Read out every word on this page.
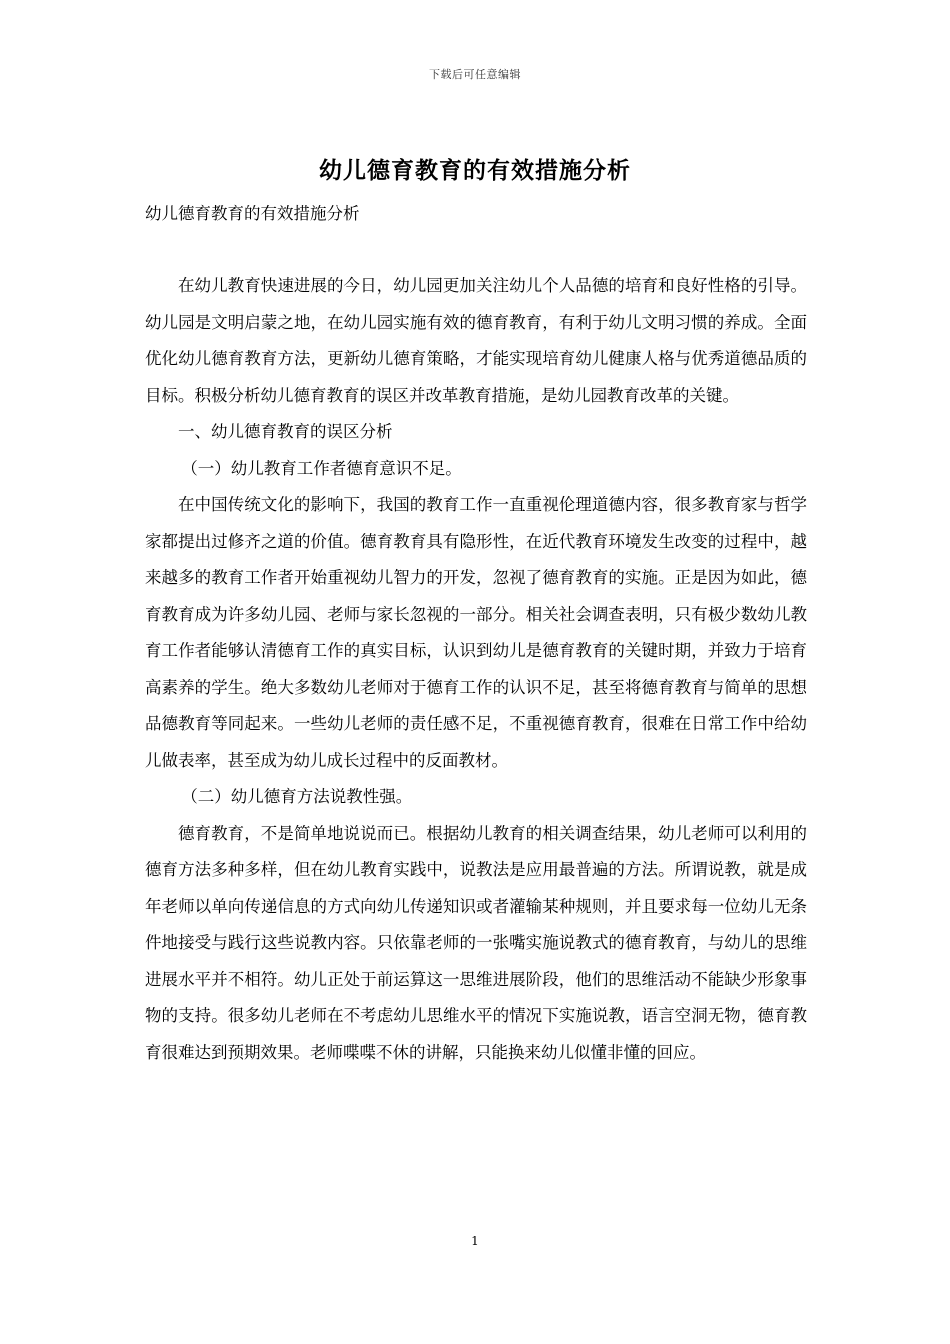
下载后可任意编辑
幼儿德育教育的有效措施分析

幼儿德育教育的有效措施分析

在幼儿教育快速进展的今日，幼儿园更加关注幼儿个人品德的培育和良好性格的引导。幼儿园是文明启蒙之地，在幼儿园实施有效的德育教育，有利于幼儿文明习惯的养成。全面优化幼儿德育教育方法，更新幼儿德育策略，才能实现培育幼儿健康人格与优秀道德品质的目标。积极分析幼儿德育教育的误区并改革教育措施，是幼儿园教育改革的关键。

一、幼儿德育教育的误区分析

（一）幼儿教育工作者德育意识不足。

在中国传统文化的影响下，我国的教育工作一直重视伦理道德内容，很多教育家与哲学家都提出过修齐之道的价值。德育教育具有隐形性，在近代教育环境发生改变的过程中，越来越多的教育工作者开始重视幼儿智力的开发，忽视了德育教育的实施。正是因为如此，德育教育成为许多幼儿园、老师与家长忽视的一部分。相关社会调查表明，只有极少数幼儿教育工作者能够认清德育工作的真实目标，认识到幼儿是德育教育的关键时期，并致力于培育高素养的学生。绝大多数幼儿老师对于德育工作的认识不足，甚至将德育教育与简单的思想品德教育等同起来。一些幼儿老师的责任感不足，不重视德育教育，很难在日常工作中给幼儿做表率，甚至成为幼儿成长过程中的反面教材。

（二）幼儿德育方法说教性强。

德育教育，不是简单地说说而已。根据幼儿教育的相关调查结果，幼儿老师可以利用的德育方法多种多样，但在幼儿教育实践中，说教法是应用最普遍的方法。所谓说教，就是成年老师以单向传递信息的方式向幼儿传递知识或者灌输某种规则，并且要求每一位幼儿无条件地接受与践行这些说教内容。只依靠老师的一张嘴实施说教式的德育教育，与幼儿的思维进展水平并不相符。幼儿正处于前运算这一思维进展阶段，他们的思维活动不能缺少形象事物的支持。很多幼儿老师在不考虑幼儿思维水平的情况下实施说教，语言空洞无物，德育教育很难达到预期效果。老师喋喋不休的讲解，只能换来幼儿似懂非懂的回应。

1
